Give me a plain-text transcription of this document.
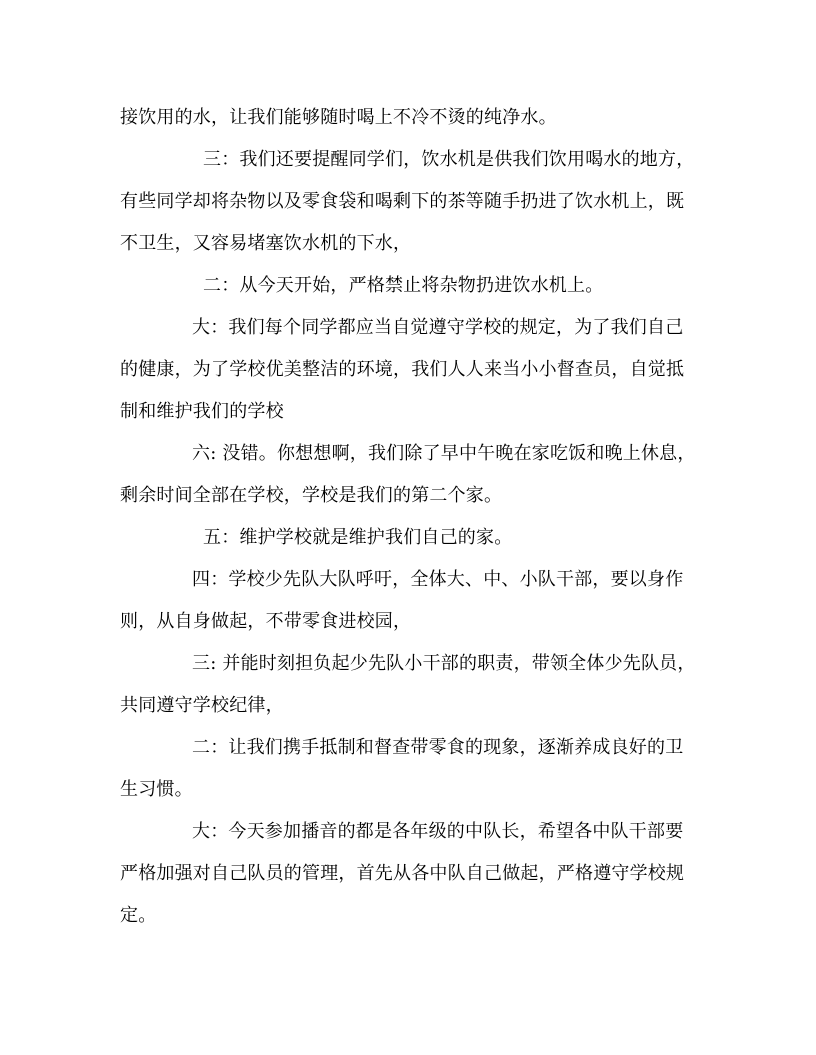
接饮用的水，让我们能够随时喝上不冷不烫的纯净水。
三：我们还要提醒同学们，饮水机是供我们饮用喝水的地方，
有些同学却将杂物以及零食袋和喝剩下的茶等随手扔进了饮水机上，既
不卫生，又容易堵塞饮水机的下水，
二：从今天开始，严格禁止将杂物扔进饮水机上。
大：我们每个同学都应当自觉遵守学校的规定，为了我们自己
的健康，为了学校优美整洁的环境，我们人人来当小小督查员，自觉抵
制和维护我们的学校
六: 没错。你想想啊，我们除了早中午晚在家吃饭和晚上休息，
剩余时间全部在学校，学校是我们的第二个家。
五：维护学校就是维护我们自己的家。
四：学校少先队大队呼吁，全体大、中、小队干部，要以身作
则，从自身做起，不带零食进校园，
三: 并能时刻担负起少先队小干部的职责，带领全体少先队员，
共同遵守学校纪律，
二：让我们携手抵制和督查带零食的现象，逐渐养成良好的卫
生习惯。
大：今天参加播音的都是各年级的中队长，希望各中队干部要
严格加强对自己队员的管理，首先从各中队自己做起，严格遵守学校规
定。
